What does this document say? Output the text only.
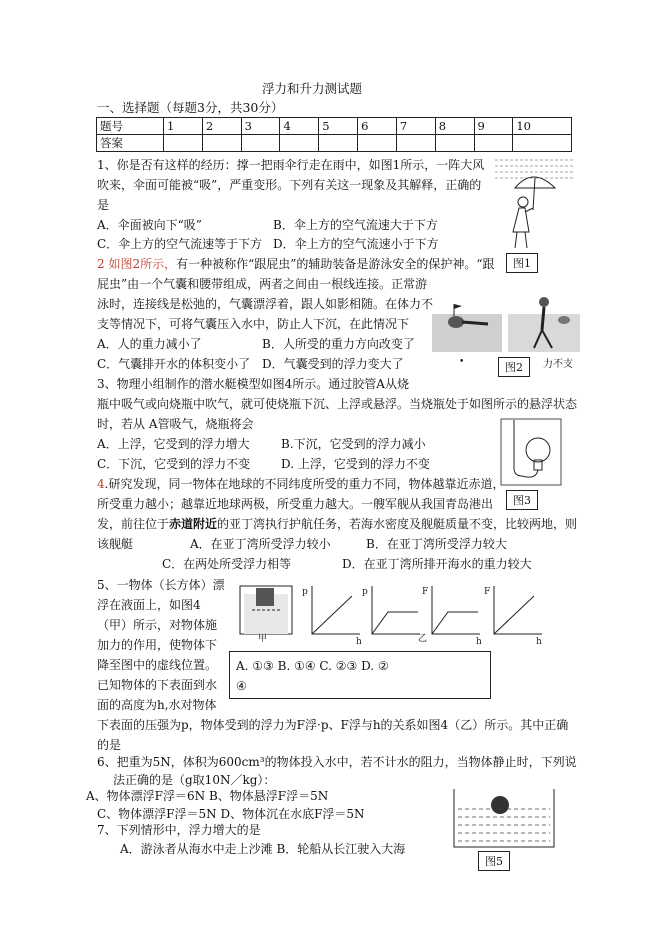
浮力和升力测试题
一、选择题（每题3分，共30分）
题号	1	2	3	4	5	6	7	8	9	10
答案										
1、你是否有这样的经历：撑一把雨伞行走在雨中，如图1所示，一阵大风
吹来，伞面可能被“吸”，严重变形。下列有关这一现象及其解释，正确的
是
A．伞面被向下“吸”	B．伞上方的空气流速大于下方
C．伞上方的空气流速等于下方 D．伞上方的空气流速小于下方
图1
2 如图2所示，有一种被称作“跟屁虫”的辅助装备是游泳安全的保护神。“跟
屁虫”由一个气囊和腰带组成，两者之间由一根线连接。正常游
泳时，连接线是松弛的，气囊漂浮着，跟人如影相随。在体力不
支等情况下，可将气囊压入水中，防止人下沉，在此情况下
A．人的重力减小了	B．人所受的重力方向改变了
C．气囊排开水的体积变小了 D．气囊受到的浮力变大了	•	图2	力不支
3、物理小组制作的潜水艇模型如图4所示。通过胶管A从烧
瓶中吸气或向烧瓶中吹气，就可使烧瓶下沉、上浮或悬浮。当烧瓶处于如图所示的悬浮状态
时，若从 A管吸气，烧瓶将会
A．上浮，它受到的浮力增大	B.下沉，它受到的浮力减小
C．下沉，它受到的浮力不变	D. 上浮，它受到的浮力不变
图3
4.研究发现，同一物体在地球的不同纬度所受的重力不同，物体越靠近赤道，
所受重力越小；越靠近地球两极，所受重力越大。一艘军舰从我国青岛港出
发，前往位于赤道附近的亚丁湾执行护航任务，若海水密度及舰艇质量不变，比较两地，则
该舰艇	A．在亚丁湾所受浮力较小	B．在亚丁湾所受浮力较大
C．在两处所受浮力相等	D．在亚丁湾所排开海水的重力较大
5、一物体（长方体）漂
浮在液面上，如图4
（甲）所示，对物体施
加力的作用，使物体下
降至图中的虚线位置。
已知物体的下表面到水
面的高度为h,水对物体
下表面的压强为p，物体受到的浮力为F浮·p、F浮与h的关系如图4（乙）所示。其中正确
的是
p	p	F	F
h	h	h
甲	乙
A. ①③ B. ①④ C. ②③ D. ②
④
6、把重为5N，体积为600cm³的物体投入水中，若不计水的阻力，当物体静止时，下列说
法正确的是（g取10N／kg）：
A、物体漂浮F浮＝6N B、物体悬浮F浮＝5N
C、物体漂浮F浮＝5N D、物体沉在水底F浮＝5N
图5
7、下列情形中，浮力增大的是
A．游泳者从海水中走上沙滩 B．轮船从长江驶入大海
